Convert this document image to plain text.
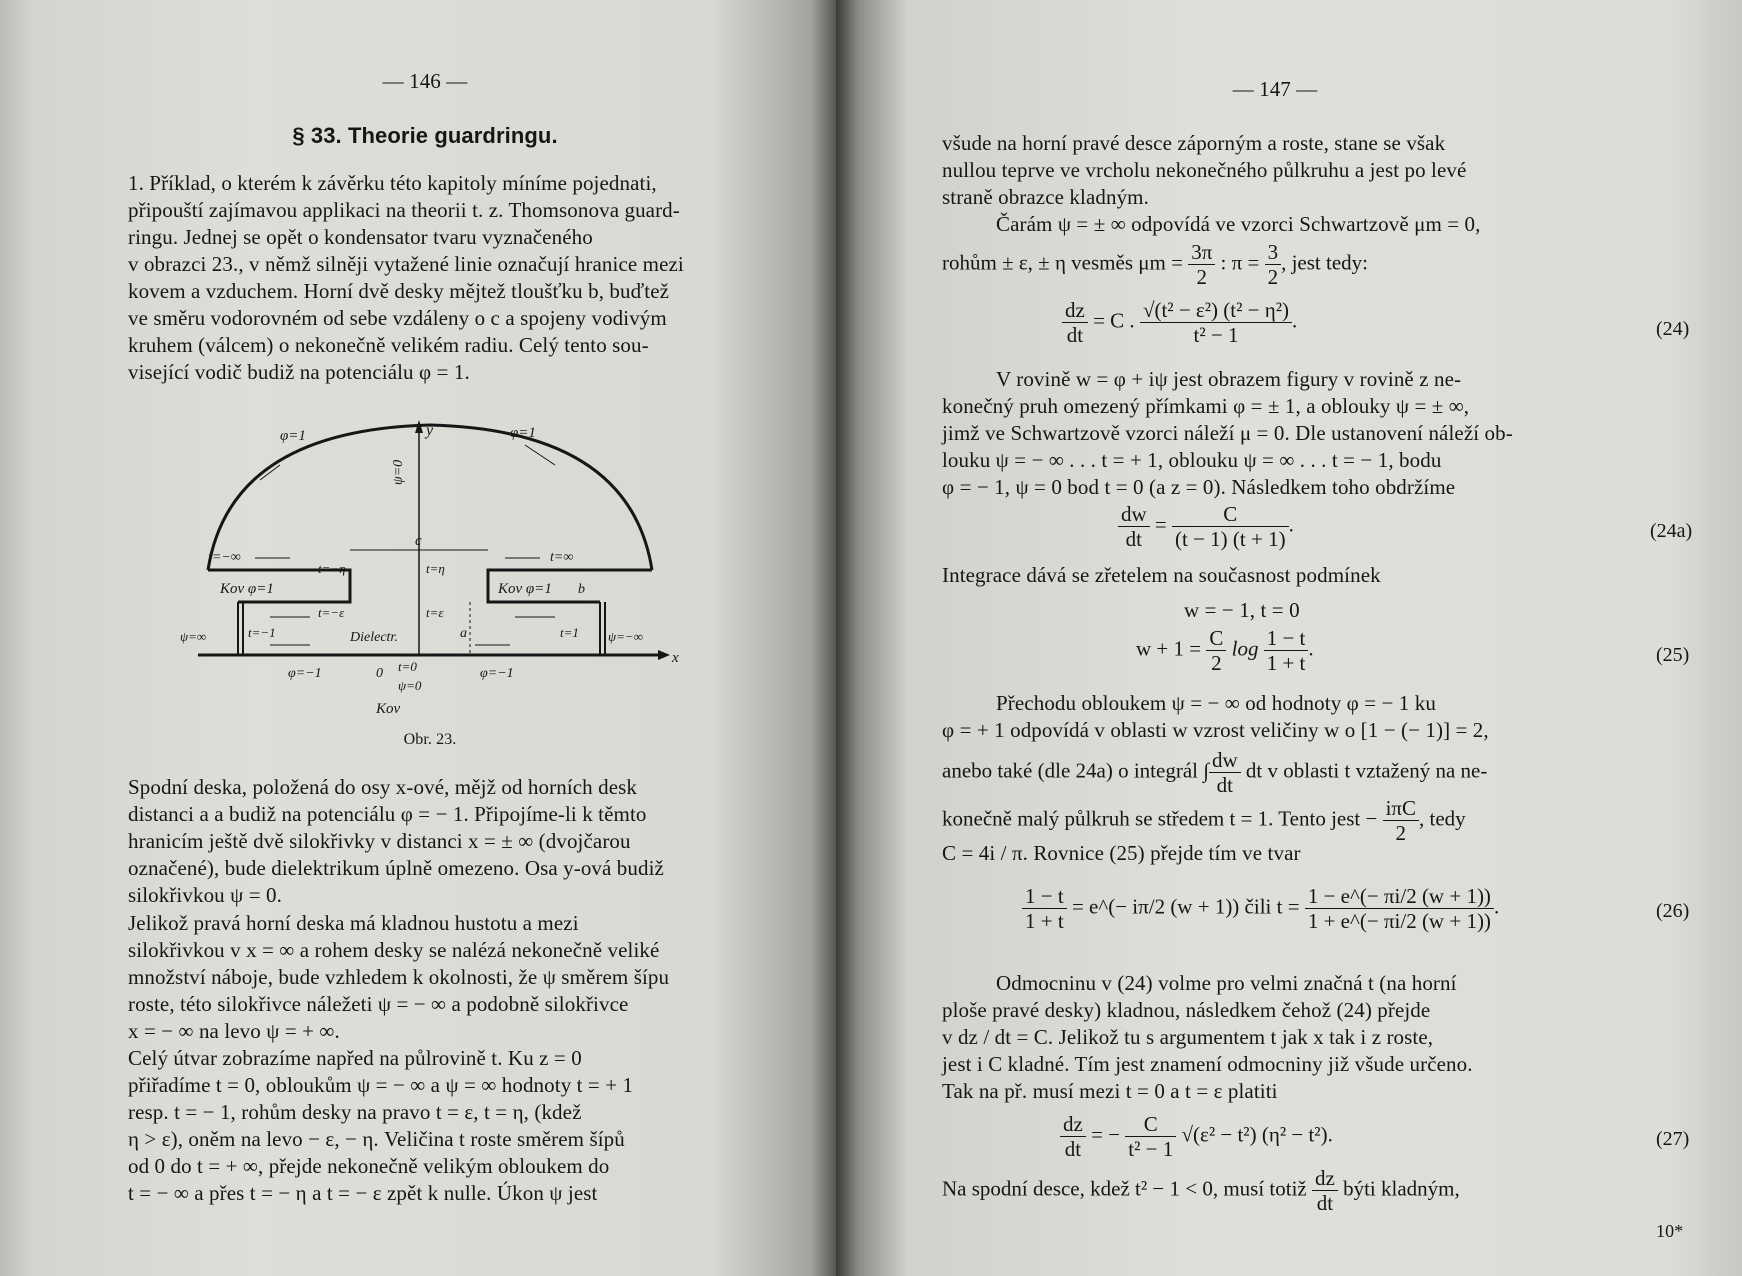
— 146 —
§ 33. Theorie guardringu.
1. Příklad, o kterém k závěrku této kapitoly míníme pojednati,
připouští zajímavou applikaci na theorii t. z. Thomsonova guard-
ringu. Jednej se opět o kondensator tvaru vyznačeného
v obrazci 23., v němž silněji vytažené linie označují hranice mezi
kovem a vzduchem. Horní dvě desky mějtež tloušťku b, buďtež
ve směru vodorovném od sebe vzdáleny o c a spojeny vodivým
kruhem (válcem) o nekonečně velikém radiu. Celý tento sou-
visející vodič budiž na potenciálu φ = 1.
φ=1	φ=1
y
ψ=0
c
t=−∞	t=∞
t=−η	t=η
t=−ε	t=ε
Kov φ=1	Kov φ=1 b
a
ψ=∞	ψ=−∞
t=−1	t=1
Dielectr.
φ=−1	φ=−1
0 t=0
ψ=0
Kov
x
Obr. 23.
Spodní deska, položená do osy x-ové, mějž od horních desk
distanci a a budiž na potenciálu φ = − 1. Připojíme-li k těmto
hranicím ještě dvě silokřivky v distanci x = ± ∞ (dvojčarou
označené), bude dielektrikum úplně omezeno. Osa y-ová budiž
silokřivkou ψ = 0.
Jelikož pravá horní deska má kladnou hustotu a mezi
silokřivkou v x = ∞ a rohem desky se nalézá nekonečně veliké
množství náboje, bude vzhledem k okolnosti, že ψ směrem šípu
roste, této silokřivce náležeti ψ = − ∞ a podobně silokřivce
x = − ∞ na levo ψ = + ∞.
Celý útvar zobrazíme napřed na půlrovině t. Ku z = 0
přiřadíme t = 0, obloukům ψ = − ∞ a ψ = ∞ hodnoty t = + 1
resp. t = − 1, rohům desky na pravo t = ε, t = η, (kdež
η > ε), oněm na levo − ε, − η. Veličina t roste směrem šípů
od 0 do t = + ∞, přejde nekonečně velikým obloukem do
t = − ∞ a přes t = − η a t = − ε zpět k nulle. Úkon ψ jest
— 147 —
všude na horní pravé desce záporným a roste, stane se však
nullou teprve ve vrcholu nekonečného půlkruhu a jest po levé
straně obrazce kladným.
Čarám ψ = ± ∞ odpovídá ve vzorci Schwartzově μm = 0,
rohům ± ε, ± η vesměs $\mu m = \frac{3\pi}{2}$ : $\pi = \frac{3}{2}$ , jest tedy:
$\frac{dz}{dt} = C$ . $\frac{\text{√(t² − ε²) (t² − η²)}}{\text{t² − 1}}$ .	(24)
V rovině w = φ + iψ jest obrazem figury v rovině z ne-
konečný pruh omezený přímkami φ = ± 1, a oblouky ψ = ± ∞,
jimž ve Schwartzově vzorci náleží μ = 0. Dle ustanovení náleží ob-
louku ψ = − ∞ . . . t = + 1, oblouku ψ = ∞ . . . t = − 1, bodu
φ = − 1, ψ = 0 bod t = 0 (a z = 0). Následkem toho obdržíme
$\frac{dw}{dt} = \frac{C}{(t - 1) (t + 1)}$ .	(24a)
Integrace dává se zřetelem na současnost podmínek
w = − 1, t = 0
$w + 1 = \frac{C}{2}$ $\log \frac{1 - t}{1 + t}$ .	(25)
Přechodu obloukem ψ = − ∞ od hodnoty φ = − 1 ku
φ = + 1 odpovídá v oblasti w vzrost veličiny w o [1 − (− 1)] = 2,
anebo také (dle 24a) o integrál ∫ $\frac{dw}{dt}$ dt v oblasti t vztažený na ne-
konečně malý půlkruh se středem t = 1. Tento jest − $\frac{\text{iπC}}{2}$ , tedy
C = 4i / π. Rovnice (25) přejde tím ve tvar
$\frac{1 - t}{1 + t}$ = e^(− iπ/2 (w + 1)) čili $t = \frac{1 - e\^{}(- \pi i/2 (w + 1))}{1 + e\^{}(- \pi i/2 (w + 1))}$ .	(26)
Odmocninu v (24) volme pro velmi značná t (na horní
ploše pravé desky) kladnou, následkem čehož (24) přejde
v dz / dt = C. Jelikož tu s argumentem t jak x tak i z roste,
jest i C kladné. Tím jest znamení odmocniny již všude určeno.
Tak na př. musí mezi t = 0 a t = ε platiti
$\frac{dz}{dt}$ = − $\frac{C}{\text{t² − 1}} √(\varepsilon^2 - t^2) (\eta^2 - t^2)$.	(27)
Na spodní desce, kdež t² − 1 < 0, musí totiž $\frac{dz}{dt}$ býti kladným,
10*
